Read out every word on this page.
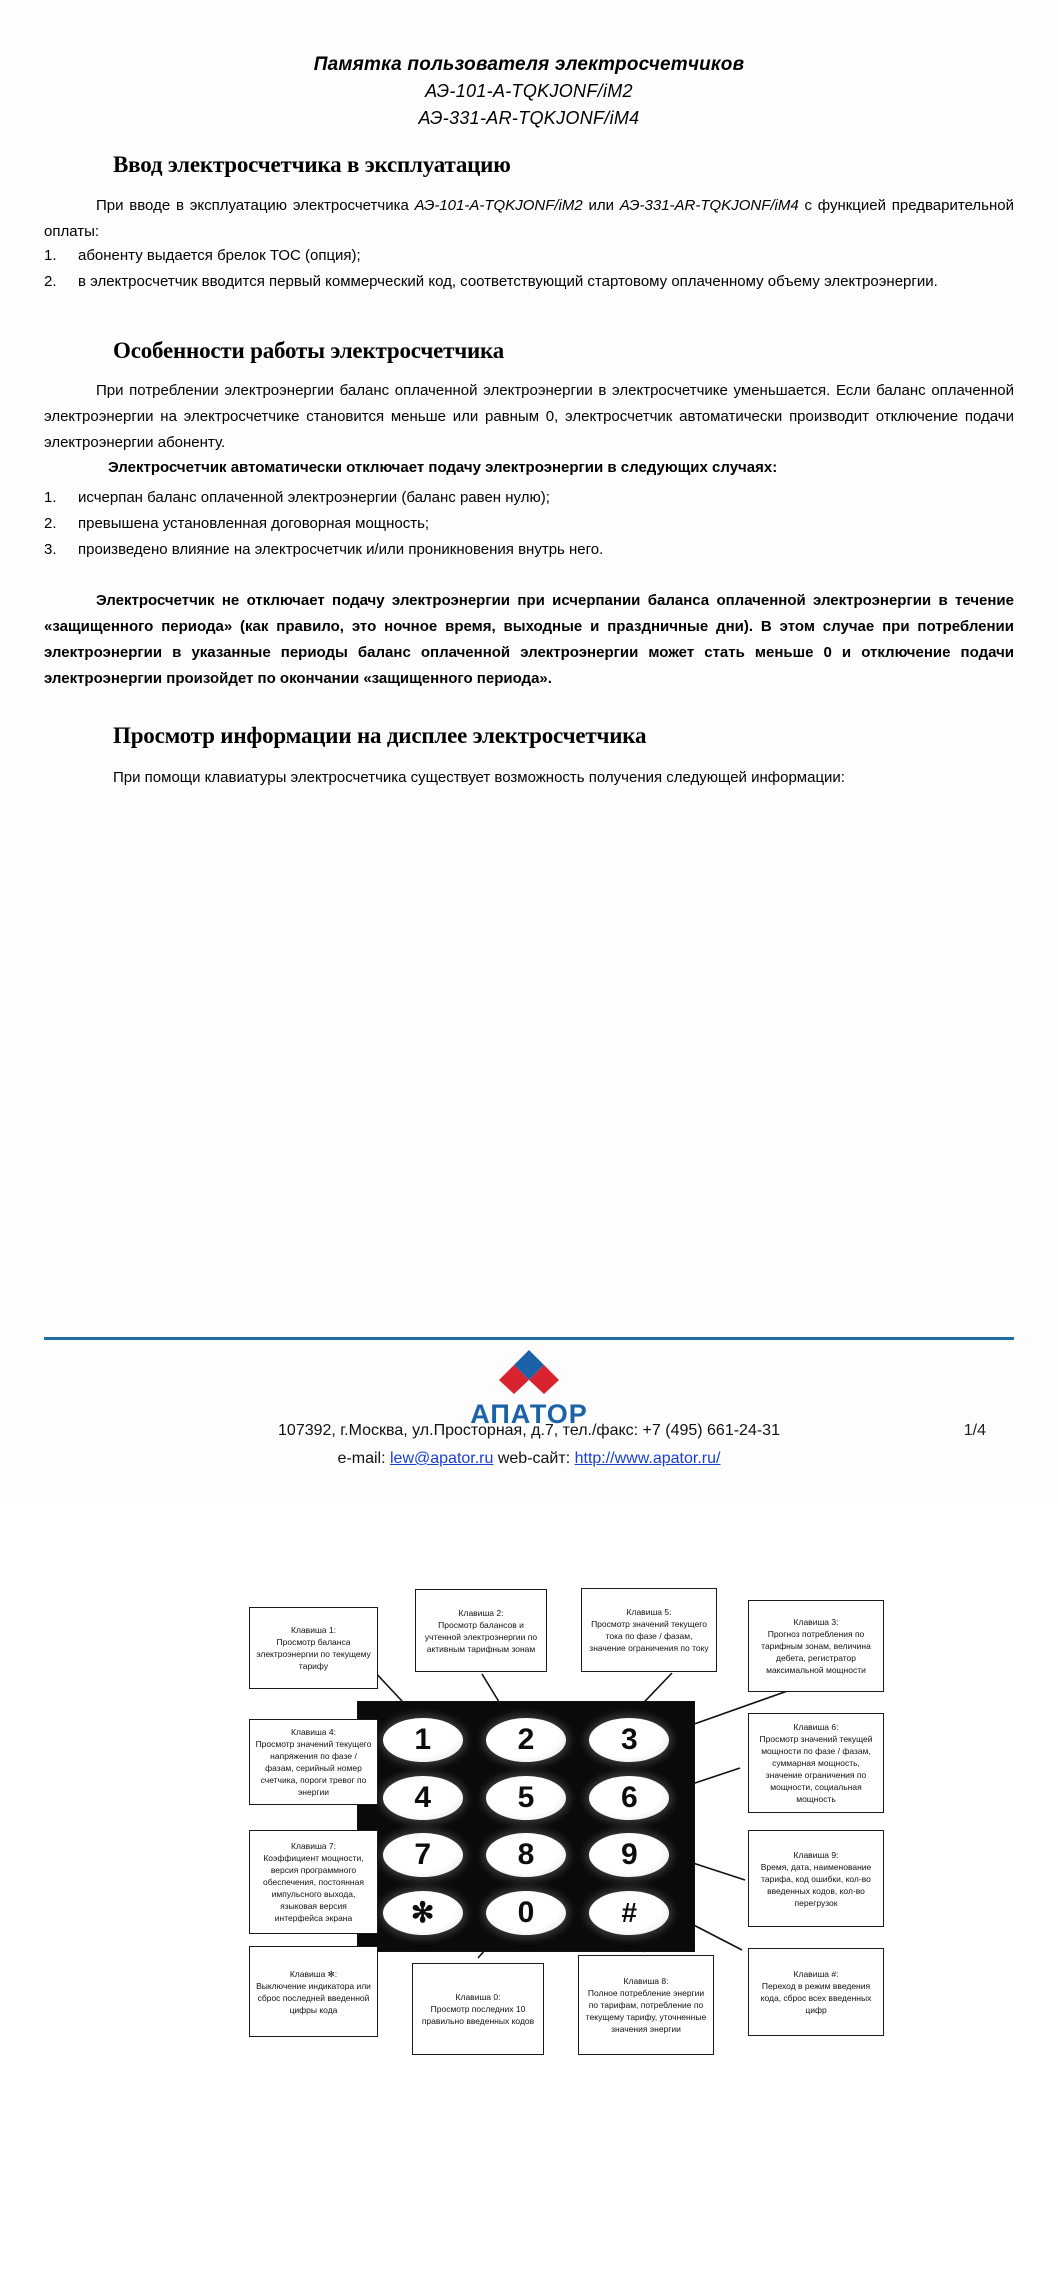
Памятка пользователя электросчетчиков
АЭ-101-А-TQKJONF/iM2
АЭ-331-AR-TQKJONF/iM4
Ввод электросчетчика в эксплуатацию
При вводе в эксплуатацию электросчетчика АЭ-101-А-TQKJONF/iM2 или АЭ-331-AR-TQKJONF/iM4 с функцией предварительной оплаты:
1.	абоненту выдается брелок ТОС (опция);
2.	в электросчетчик вводится первый коммерческий код, соответствующий стартовому оплаченному объему электроэнергии.
Особенности работы электросчетчика
При потреблении электроэнергии баланс оплаченной электроэнергии в электросчетчике уменьшается. Если баланс оплаченной электроэнергии на электросчетчике становится меньше или равным 0, электросчетчик автоматически производит отключение подачи электроэнергии абоненту.
Электросчетчик автоматически отключает подачу электроэнергии в следующих случаях:
1.	исчерпан баланс оплаченной электроэнергии (баланс равен нулю);
2.	превышена установленная договорная мощность;
3.	произведено влияние на электросчетчик и/или проникновения внутрь него.
Электросчетчик не отключает подачу электроэнергии при исчерпании баланса оплаченной электроэнергии в течение «защищенного периода» (как правило, это ночное время, выходные и праздничные дни). В этом случае при потреблении электроэнергии в указанные периоды баланс оплаченной электроэнергии может стать меньше 0 и отключение подачи электроэнергии произойдет по окончании «защищенного периода».
Просмотр информации на дисплее электросчетчика
При помощи клавиатуры электросчетчика существует возможность получения следующей информации:
1	2	3
4	5	6
7	8	9
✻	0	#
Клавиша 1:
Просмотр баланса электроэнергии по текущему тарифу
Клавиша 2:
Просмотр балансов и учтенной электроэнергии по активным тарифным зонам
Клавиша 5:
Просмотр значений текущего тока по фазе / фазам, значение ограничения по току
Клавиша 3:
Прогноз потребления по тарифным зонам, величина дебета, регистратор максимальной мощности
Клавиша 4:
Просмотр значений текущего напряжения по фазе / фазам, серийный номер счетчика, пороги тревог по энергии
Клавиша 6:
Просмотр значений текущей мощности по фазе / фазам, суммарная мощность, значение ограничения по мощности, социальная мощность
Клавиша 7:
Коэффициент мощности, версия программного обеспечения, постоянная импульсного выхода, языковая версия интерфейса экрана
Клавиша 9:
Время, дата, наименование тарифа, код ошибки, кол-во введенных кодов, кол-во перегрузок
Клавиша ✻:
Выключение индикатора или сброс последней введенной цифры кода
Клавиша 0:
Просмотр последних 10 правильно введенных кодов
Клавиша 8:
Полное потребление энергии по тарифам, потребление по текущему тарифу, уточненные значения энергии
Клавиша #:
Переход в режим введения кода, сброс всех введенных цифр
АПАТОР
107392, г.Москва, ул.Просторная, д.7, тел./факс: +7 (495) 661-24-31
e-mail: lew@apator.ru web-сайт: http://www.apator.ru/
1/4
